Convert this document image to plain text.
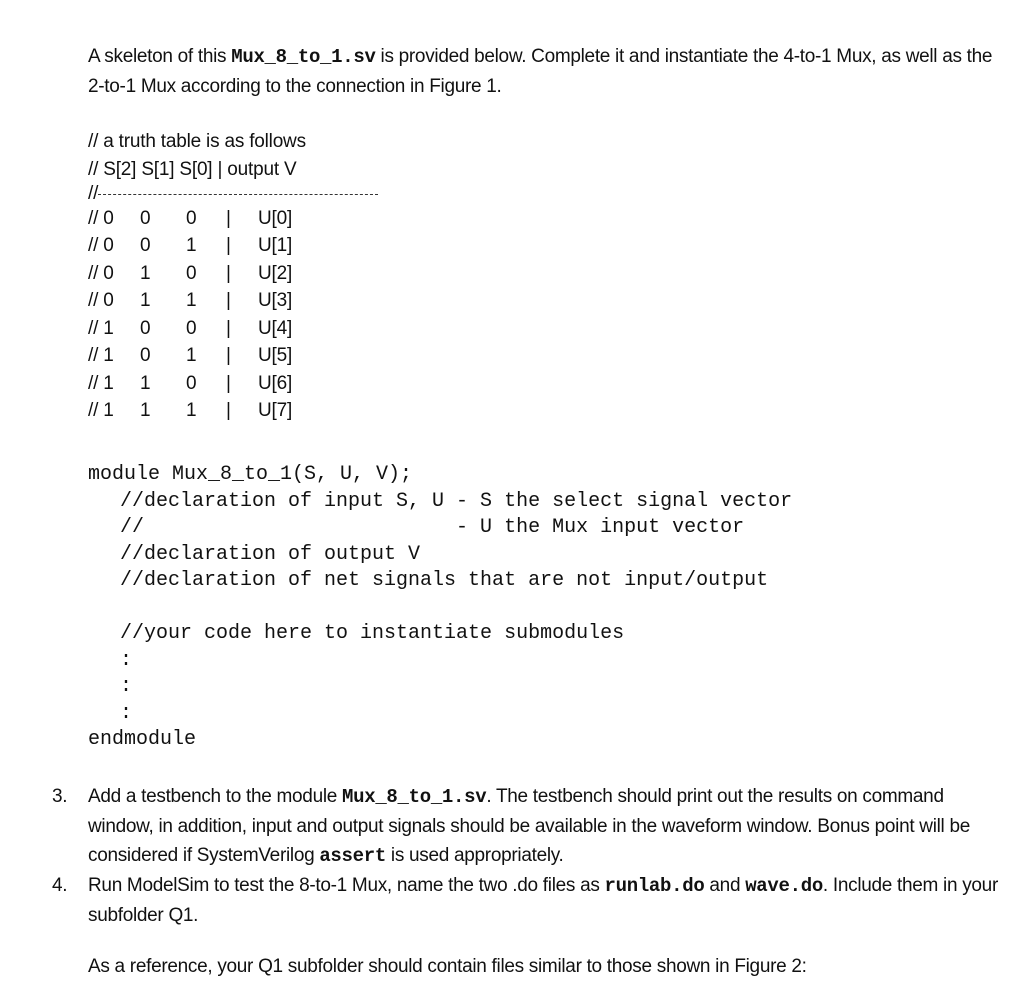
A skeleton of this Mux_8_to_1.sv is provided below. Complete it and instantiate the 4-to-1 Mux, as well as the 2-to-1 Mux according to the connection in Figure 1.
// a truth table is as follows
// S[2] S[1] S[0] | output V
//
// 0	0	0	|	U[0]
// 0	0	1	|	U[1]
// 0	1	0	|	U[2]
// 0	1	1	|	U[3]
// 1	0	0	|	U[4]
// 1	0	1	|	U[5]
// 1	1	0	|	U[6]
// 1	1	1	|	U[7]
module Mux_8_to_1(S, U, V);
//declaration of input S, U - S the select signal vector
//                          - U the Mux input vector
//declaration of output V
//declaration of net signals that are not input/output
//your code here to instantiate submodules
:
:
:
endmodule
3.	Add a testbench to the module Mux_8_to_1.sv. The testbench should print out the results on command window, in addition, input and output signals should be available in the waveform window. Bonus point will be considered if SystemVerilog assert is used appropriately.
4.	Run ModelSim to test the 8-to-1 Mux, name the two .do files as runlab.do and wave.do. Include them in your subfolder Q1.
As a reference, your Q1 subfolder should contain files similar to those shown in Figure 2:
